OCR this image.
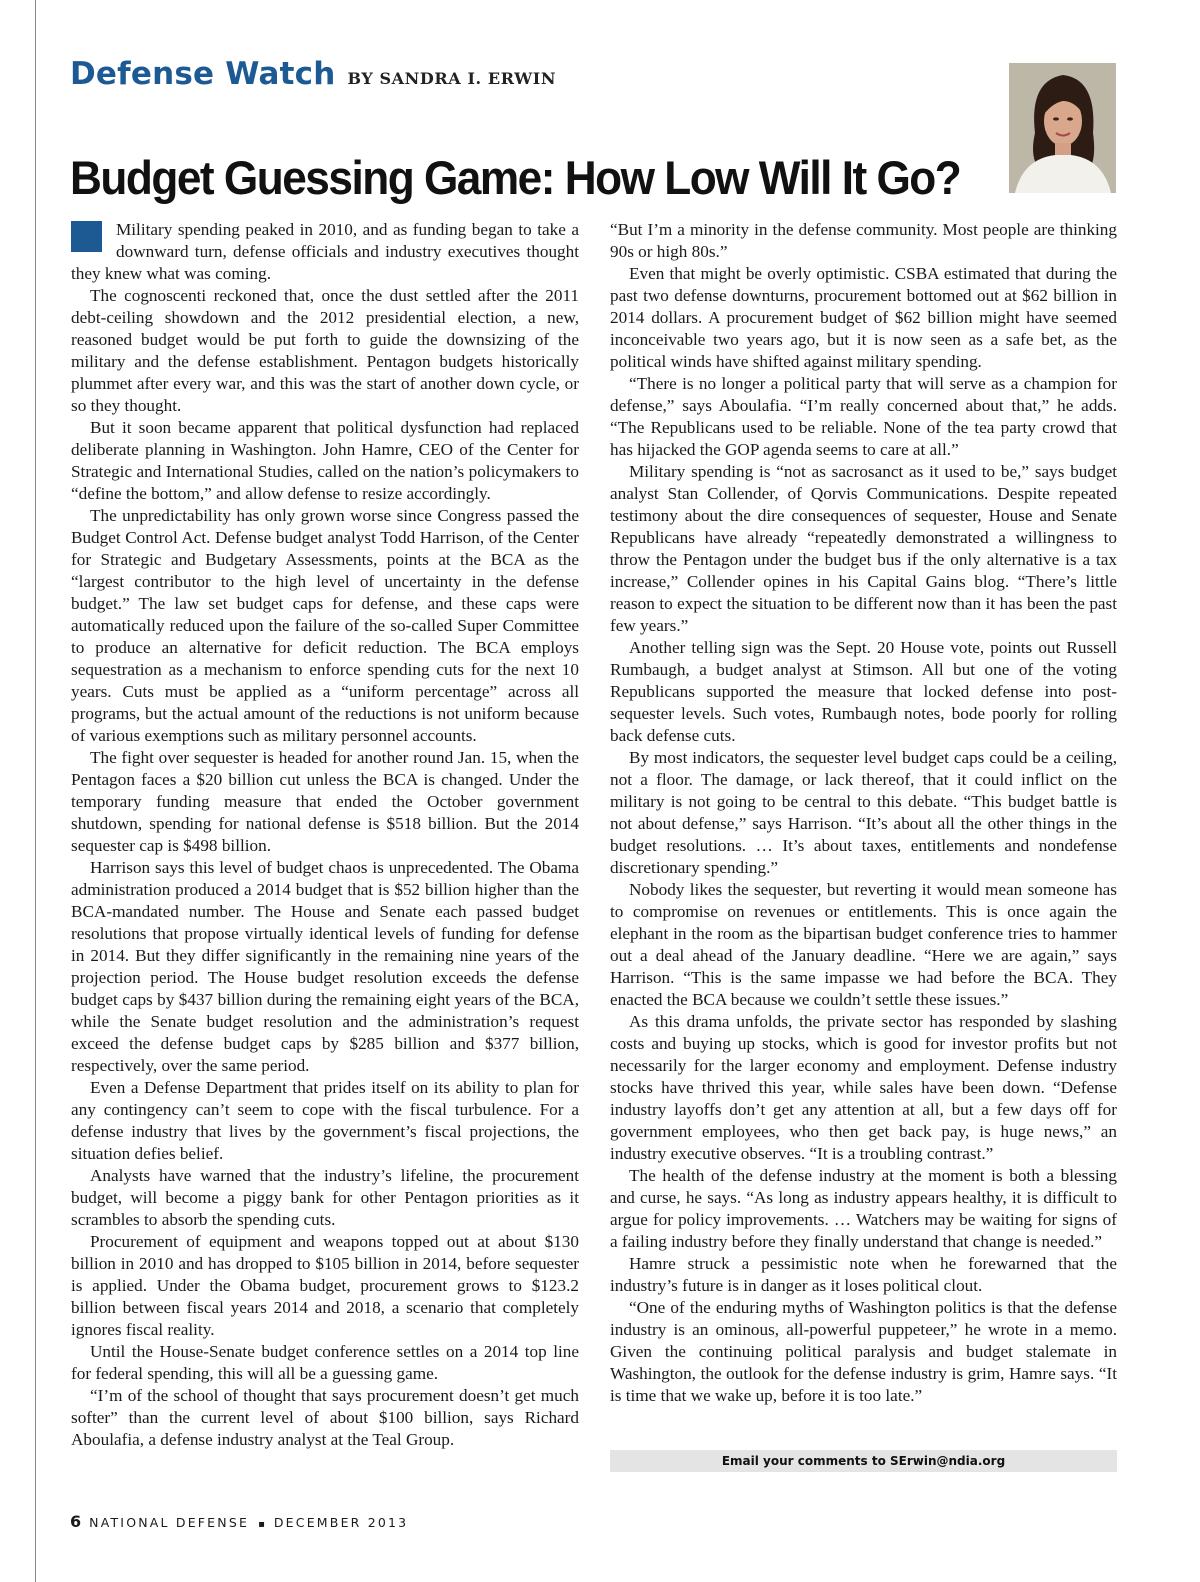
Defense Watch BY SANDRA I. ERWIN
Budget Guessing Game: How Low Will It Go?

Military spending peaked in 2010, and as funding began to take a downward turn, defense officials and industry executives thought they knew what was coming.

The cognoscenti reckoned that, once the dust settled after the 2011 debt-ceiling showdown and the 2012 presidential election, a new, reasoned budget would be put forth to guide the downsizing of the military and the defense establishment. Pentagon budgets historically plummet after every war, and this was the start of another down cycle, or so they thought.

But it soon became apparent that political dysfunction had replaced deliberate planning in Washington. John Hamre, CEO of the Center for Strategic and International Studies, called on the nation’s policymakers to “define the bottom,” and allow defense to resize accordingly.

The unpredictability has only grown worse since Congress passed the Budget Control Act. Defense budget analyst Todd Harrison, of the Center for Strategic and Budgetary Assessments, points at the BCA as the “largest contributor to the high level of uncertainty in the defense budget.” The law set budget caps for defense, and these caps were automatically reduced upon the failure of the so-called Super Committee to produce an alternative for deficit reduction. The BCA employs sequestration as a mechanism to enforce spending cuts for the next 10 years. Cuts must be applied as a “uniform percentage” across all programs, but the actual amount of the reductions is not uniform because of various exemptions such as military personnel accounts.

The fight over sequester is headed for another round Jan. 15, when the Pentagon faces a $20 billion cut unless the BCA is changed. Under the temporary funding measure that ended the October government shutdown, spending for national defense is $518 billion. But the 2014 sequester cap is $498 billion.

Harrison says this level of budget chaos is unprecedented. The Obama administration produced a 2014 budget that is $52 billion higher than the BCA-mandated number. The House and Senate each passed budget resolutions that propose virtually identical levels of funding for defense in 2014. But they differ significantly in the remaining nine years of the projection period. The House budget resolution exceeds the defense budget caps by $437 billion during the remaining eight years of the BCA, while the Senate budget resolution and the administration’s request exceed the defense budget caps by $285 billion and $377 billion, respectively, over the same period.

Even a Defense Department that prides itself on its ability to plan for any contingency can’t seem to cope with the fiscal turbulence. For a defense industry that lives by the government’s fiscal projections, the situation defies belief.

Analysts have warned that the industry’s lifeline, the procurement budget, will become a piggy bank for other Pentagon priorities as it scrambles to absorb the spending cuts.

Procurement of equipment and weapons topped out at about $130 billion in 2010 and has dropped to $105 billion in 2014, before sequester is applied. Under the Obama budget, procurement grows to $123.2 billion between fiscal years 2014 and 2018, a scenario that completely ignores fiscal reality.

Until the House-Senate budget conference settles on a 2014 top line for federal spending, this will all be a guessing game.

“I’m of the school of thought that says procurement doesn’t get much softer” than the current level of about $100 billion, says Richard Aboulafia, a defense industry analyst at the Teal Group.

“But I’m a minority in the defense community. Most people are thinking 90s or high 80s.”

Even that might be overly optimistic. CSBA estimated that during the past two defense downturns, procurement bottomed out at $62 billion in 2014 dollars. A procurement budget of $62 billion might have seemed inconceivable two years ago, but it is now seen as a safe bet, as the political winds have shifted against military spending.

“There is no longer a political party that will serve as a champion for defense,” says Aboulafia. “I’m really concerned about that,” he adds. “The Republicans used to be reliable. None of the tea party crowd that has hijacked the GOP agenda seems to care at all.”

Military spending is “not as sacrosanct as it used to be,” says budget analyst Stan Collender, of Qorvis Communications. Despite repeated testimony about the dire consequences of sequester, House and Senate Republicans have already “repeatedly demonstrated a willingness to throw the Pentagon under the budget bus if the only alternative is a tax increase,” Collender opines in his Capital Gains blog. “There’s little reason to expect the situation to be different now than it has been the past few years.”

Another telling sign was the Sept. 20 House vote, points out Russell Rumbaugh, a budget analyst at Stimson. All but one of the voting Republicans supported the measure that locked defense into post-sequester levels. Such votes, Rumbaugh notes, bode poorly for rolling back defense cuts.

By most indicators, the sequester level budget caps could be a ceiling, not a floor. The damage, or lack thereof, that it could inflict on the military is not going to be central to this debate. “This budget battle is not about defense,” says Harrison. “It’s about all the other things in the budget resolutions. … It’s about taxes, entitlements and nondefense discretionary spending.”

Nobody likes the sequester, but reverting it would mean someone has to compromise on revenues or entitlements. This is once again the elephant in the room as the bipartisan budget conference tries to hammer out a deal ahead of the January deadline. “Here we are again,” says Harrison. “This is the same impasse we had before the BCA. They enacted the BCA because we couldn’t settle these issues.”

As this drama unfolds, the private sector has responded by slashing costs and buying up stocks, which is good for investor profits but not necessarily for the larger economy and employment. Defense industry stocks have thrived this year, while sales have been down. “Defense industry layoffs don’t get any attention at all, but a few days off for government employees, who then get back pay, is huge news,” an industry executive observes. “It is a troubling contrast.”

The health of the defense industry at the moment is both a blessing and curse, he says. “As long as industry appears healthy, it is difficult to argue for policy improvements. … Watchers may be waiting for signs of a failing industry before they finally understand that change is needed.”

Hamre struck a pessimistic note when he forewarned that the industry’s future is in danger as it loses political clout.

“One of the enduring myths of Washington politics is that the defense industry is an ominous, all-powerful puppeteer,” he wrote in a memo. Given the continuing political paralysis and budget stalemate in Washington, the outlook for the defense industry is grim, Hamre says. “It is time that we wake up, before it is too late.”

Email your comments to SErwin@ndia.org
6 NATIONAL DEFENSE ▪ DECEMBER 2013
